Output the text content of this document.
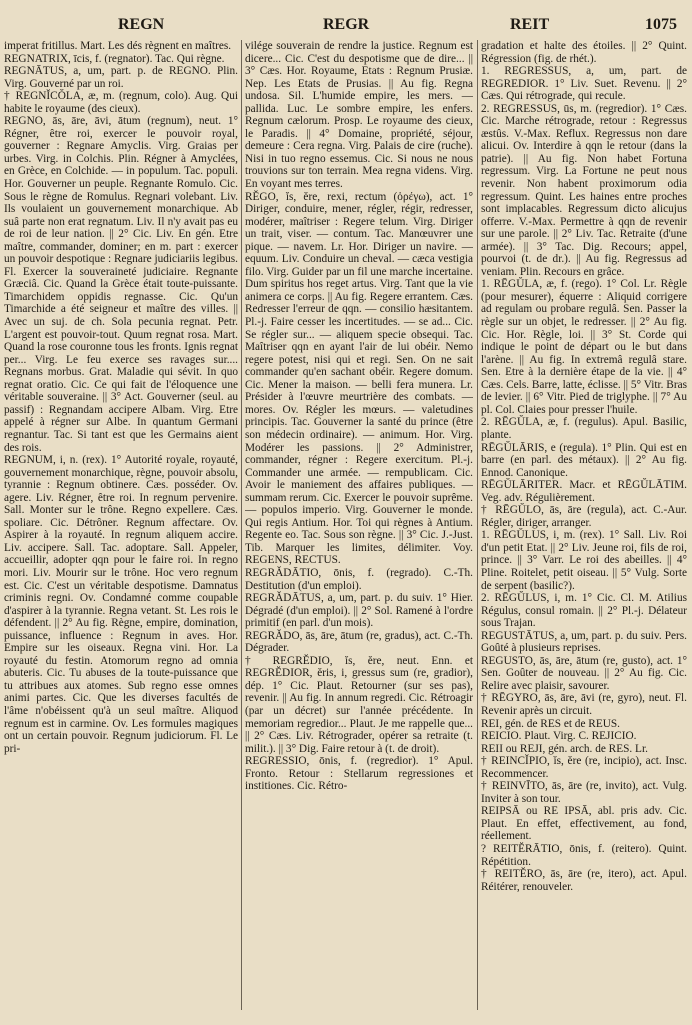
REGN	REGR	REIT	1075

imperat fritillus. Mart. Les dés règnent en maîtres.

REGNATRIX, īcis, f. (regnator). Tac. Qui règne.

REGNĀTUS, a, um, part. p. de REGNO. Plin. Virg. Gouverné par un roi.

† REGNĬCŎLA, æ, m. (regnum, colo). Aug. Qui habite le royaume (des cieux).

REGNO, ās, āre, āvi, ātum (regnum), neut. 1° Régner, être roi, exercer le pouvoir royal, gouverner : Regnare Amyclis. Virg. Graias per urbes. Virg. in Colchis. Plin. Régner à Amyclées, en Grèce, en Colchide. — in populum. Tac. populi. Hor. Gouverner un peuple. Regnante Romulo. Cic. Sous le règne de Romulus. Regnari volebant. Liv. Ils voulaient un gouvernement monarchique. Ab suâ parte non erat regnatum. Liv. Il n'y avait pas eu de roi de leur nation. || 2° Cic. Liv. En gén. Etre maître, commander, dominer; en m. part : exercer un pouvoir despotique : Regnare judiciariis legibus. Fl. Exercer la souveraineté judiciaire. Regnante Græciâ. Cic. Quand la Grèce était toute-puissante. Timarchidem oppidis regnasse. Cic. Qu'un Timarchide a été seigneur et maître des villes. || Avec un suj. de ch. Sola pecunia regnat. Petr. L'argent est pouvoir-tout. Quum regnat rosa. Mart. Quand la rose couronne tous les fronts. Ignis regnat per... Virg. Le feu exerce ses ravages sur.... Regnans morbus. Grat. Maladie qui sévit. In quo regnat oratio. Cic. Ce qui fait de l'éloquence une véritable souveraine. || 3° Act. Gouverner (seul. au passif) : Regnandam accipere Albam. Virg. Etre appelé à régner sur Albe. In quantum Germani regnantur. Tac. Si tant est que les Germains aient des rois.

REGNUM, i, n. (rex). 1° Autorité royale, royauté, gouvernement monarchique, règne, pouvoir absolu, tyrannie : Regnum obtinere. Cæs. posséder. Ov. agere. Liv. Régner, être roi. In regnum pervenire. Sall. Monter sur le trône. Regno expellere. Cæs. spoliare. Cic. Détrôner. Regnum affectare. Ov. Aspirer à la royauté. In regnum aliquem accire. Liv. accipere. Sall. Tac. adoptare. Sall. Appeler, accueillir, adopter qqn pour le faire roi. In regno mori. Liv. Mourir sur le trône. Hoc vero regnum est. Cic. C'est un véritable despotisme. Damnatus criminis regni. Ov. Condamné comme coupable d'aspirer à la tyrannie. Regna vetant. St. Les rois le défendent. || 2° Au fig. Règne, empire, domination, puissance, influence : Regnum in aves. Hor. Empire sur les oiseaux. Regna vini. Hor. La royauté du festin. Atomorum regno ad omnia abuteris. Cic. Tu abuses de la toute-puissance que tu attribues aux atomes. Sub regno esse omnes animi partes. Cic. Que les diverses facultés de l'âme n'obéissent qu'à un seul maître. Aliquod regnum est in carmine. Ov. Les formules magiques ont un certain pouvoir. Regnum judiciorum. Fl. Le pri-

vilége souverain de rendre la justice. Regnum est dicere... Cic. C'est du despotisme que de dire... || 3° Cæs. Hor. Royaume, Etats : Regnum Prusiæ. Nep. Les Etats de Prusias. || Au fig. Regna undosa. Sil. L'humide empire, les mers. — pallida. Luc. Le sombre empire, les enfers. Regnum cælorum. Prosp. Le royaume des cieux, le Paradis. || 4° Domaine, propriété, séjour, demeure : Cera regna. Virg. Palais de cire (ruche). Nisi in tuo regno essemus. Cic. Si nous ne nous trouvions sur ton terrain. Mea regna videns. Virg. En voyant mes terres.

RĔGO, ĭs, ĕre, rexi, rectum (ὀρέγω), act. 1° Diriger, conduire, mener, régler, régir, redresser, modérer, maîtriser : Regere telum. Virg. Diriger un trait, viser. — contum. Tac. Manœuvrer une pique. — navem. Lr. Hor. Diriger un navire. — equum. Liv. Conduire un cheval. — cæca vestigia filo. Virg. Guider par un fil une marche incertaine. Dum spiritus hos reget artus. Virg. Tant que la vie animera ce corps. || Au fig. Regere errantem. Cæs. Redresser l'erreur de qqn. — consilio hæsitantem. Pl.-j. Faire cesser les incertitudes. — se ad... Cic. Se régler sur... — aliquem specie obsequi. Tac. Maîtriser qqn en ayant l'air de lui obéir. Nemo regere potest, nisi qui et regi. Sen. On ne sait commander qu'en sachant obéir. Regere domum. Cic. Mener la maison. — belli fera munera. Lr. Présider à l'œuvre meurtrière des combats. — mores. Ov. Régler les mœurs. — valetudines principis. Tac. Gouverner la santé du prince (être son médecin ordinaire). — animum. Hor. Virg. Modérer les passions. || 2° Administrer, commander, régner : Regere exercitum. Pl.-j. Commander une armée. — rempublicam. Cic. Avoir le maniement des affaires publiques. — summam rerum. Cic. Exercer le pouvoir suprême. — populos imperio. Virg. Gouverner le monde. Qui regis Antium. Hor. Toi qui règnes à Antium. Regente eo. Tac. Sous son règne. || 3° Cic. J.-Just. Tib. Marquer les limites, délimiter. Voy. REGENS, RECTUS.

REGRĂDĀTIO, ōnis, f. (regrado). C.-Th. Destitution (d'un emploi).

REGRĂDĀTUS, a, um, part. p. du suiv. 1° Hier. Dégradé (d'un emploi). || 2° Sol. Ramené à l'ordre primitif (en parl. d'un mois).

REGRĂDO, ās, āre, ātum (re, gradus), act. C.-Th. Dégrader.

† REGRĔDIO, ĭs, ĕre, neut. Enn. et REGRĔDIOR, ĕris, i, gressus sum (re, gradior), dép. 1° Cic. Plaut. Retourner (sur ses pas), revenir. || Au fig. In annum regredi. Cic. Rétroagir (par un décret) sur l'année précédente. In memoriam regredior... Plaut. Je me rappelle que... || 2° Cæs. Liv. Rétrograder, opérer sa retraite (t. milit.). || 3° Dig. Faire retour à (t. de droit).

REGRESSIO, ōnis, f. (regredior). 1° Apul. Fronto. Retour : Stellarum regressiones et institiones. Cic. Rétro-

gradation et halte des étoiles. || 2° Quint. Régression (fig. de rhét.).

1. REGRESSUS, a, um, part. de REGREDIOR. 1° Liv. Suet. Revenu. || 2° Cæs. Qui rétrograde, qui recule.

2. REGRESSUS, ūs, m. (regredior). 1° Cæs. Cic. Marche rétrograde, retour : Regressus æstûs. V.-Max. Reflux. Regressus non dare alicui. Ov. Interdire à qqn le retour (dans la patrie). || Au fig. Non habet Fortuna regressum. Virg. La Fortune ne peut nous revenir. Non habent proximorum odia regressum. Quint. Les haines entre proches sont implacables. Regressum dicto alicujus offerre. V.-Max. Permettre à qqn de revenir sur une parole. || 2° Liv. Tac. Retraite (d'une armée). || 3° Tac. Dig. Recours; appel, pourvoi (t. de dr.). || Au fig. Regressus ad veniam. Plin. Recours en grâce.

1. RĒGŬLA, æ, f. (rego). 1° Col. Lr. Règle (pour mesurer), équerre : Aliquid corrigere ad regulam ou probare regulâ. Sen. Passer la règle sur un objet, le redresser. || 2° Au fig. Cic. Hor. Règle, loi. || 3° St. Corde qui indique le point de départ ou le but dans l'arène. || Au fig. In extremâ regulâ stare. Sen. Etre à la dernière étape de la vie. || 4° Cæs. Cels. Barre, latte, éclisse. || 5° Vitr. Bras de levier. || 6° Vitr. Pied de triglyphe. || 7° Au pl. Col. Claies pour presser l'huile.

2. RĒGŬLA, æ, f. (regulus). Apul. Basilic, plante.

RĒGŬLĀRIS, e (regula). 1° Plin. Qui est en barre (en parl. des métaux). || 2° Au fig. Ennod. Canonique.

RĒGŬLĀRITER. Macr. et RĒGŬLĀTIM. Veg. adv. Régulièrement.

† RĒGŬLO, ās, āre (regula), act. C.-Aur. Régler, diriger, arranger.

1. RĒGŬLUS, i, m. (rex). 1° Sall. Liv. Roi d'un petit Etat. || 2° Liv. Jeune roi, fils de roi, prince. || 3° Varr. Le roi des abeilles. || 4° Pline. Roitelet, petit oiseau. || 5° Vulg. Sorte de serpent (basilic?).

2. RĒGŬLUS, i, m. 1° Cic. Cl. M. Atilius Régulus, consul romain. || 2° Pl.-j. Délateur sous Trajan.

REGUSTĀTUS, a, um, part. p. du suiv. Pers. Goûté à plusieurs reprises.

REGUSTO, ās, āre, ātum (re, gusto), act. 1° Sen. Goûter de nouveau. || 2° Au fig. Cic. Relire avec plaisir, savourer.

† RĒGYRO, ās, āre, āvi (re, gyro), neut. Fl. Revenir après un circuit.

REI, gén. de RES et de REUS.

REICIO. Plaut. Virg. C. REJICIO.

REII ou REJI, gén. arch. de RES. Lr.

† REINCĬPIO, ĭs, ĕre (re, incipio), act. Insc. Recommencer.

† REINVĪTO, ās, āre (re, invito), act. Vulg. Inviter à son tour.

REIPSĀ ou RE IPSĀ, abl. pris adv. Cic. Plaut. En effet, effectivement, au fond, réellement.

? REITĔRĀTIO, ōnis, f. (reitero). Quint. Répétition.

† REITĔRO, ās, āre (re, itero), act. Apul. Réitérer, renouveler.
